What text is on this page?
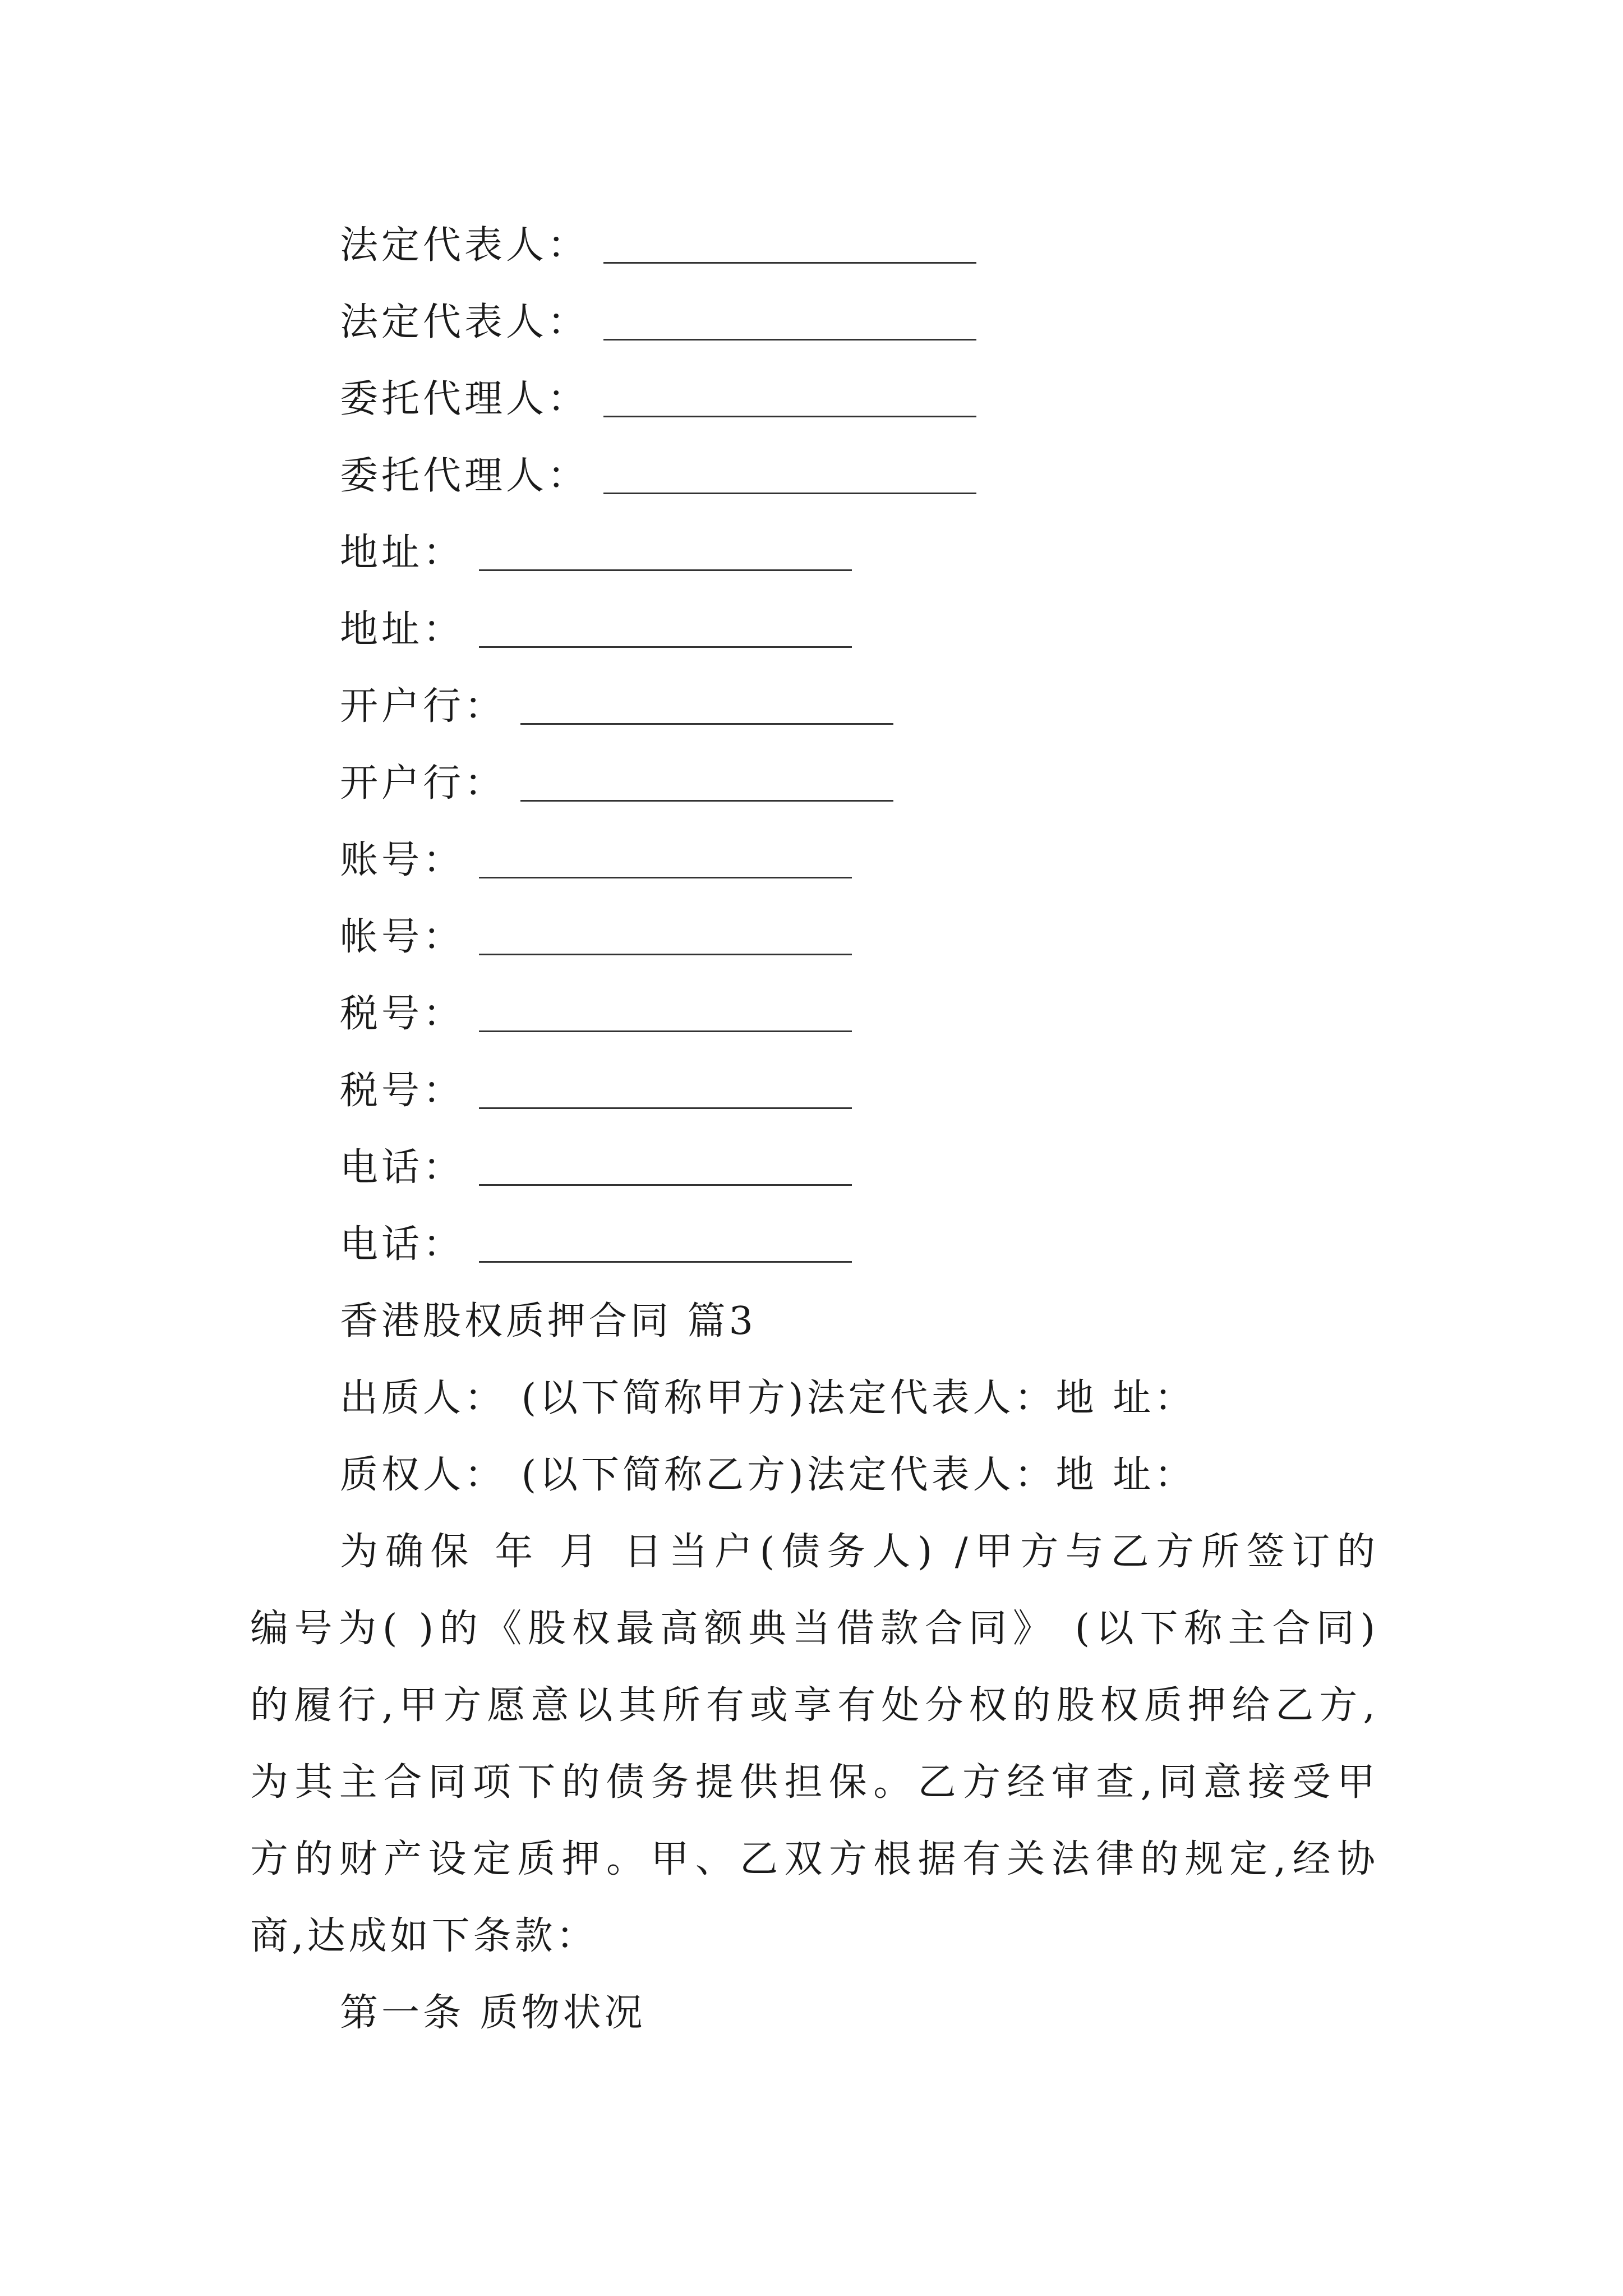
法定代表人：
法定代表人：
委托代理人：
委托代理人：
地址：
地址：
开户行：
开户行：
账号：
帐号：
税号：
税号：
电话：
电话：
香港股权质押合同 篇3
出质人： (以下简称甲方)法定代表人：地 址：
质权人： (以下简称乙方)法定代表人：地 址：
为确保 年 月 日当户(债务人) /甲方与乙方所签订的
编号为( )的《股权最高额典当借款合同》 (以下称主合同)
的履行,甲方愿意以其所有或享有处分权的股权质押给乙方,
为其主合同项下的债务提供担保。乙方经审查,同意接受甲
方的财产设定质押。甲、乙双方根据有关法律的规定,经协
商,达成如下条款：
第一条 质物状况
